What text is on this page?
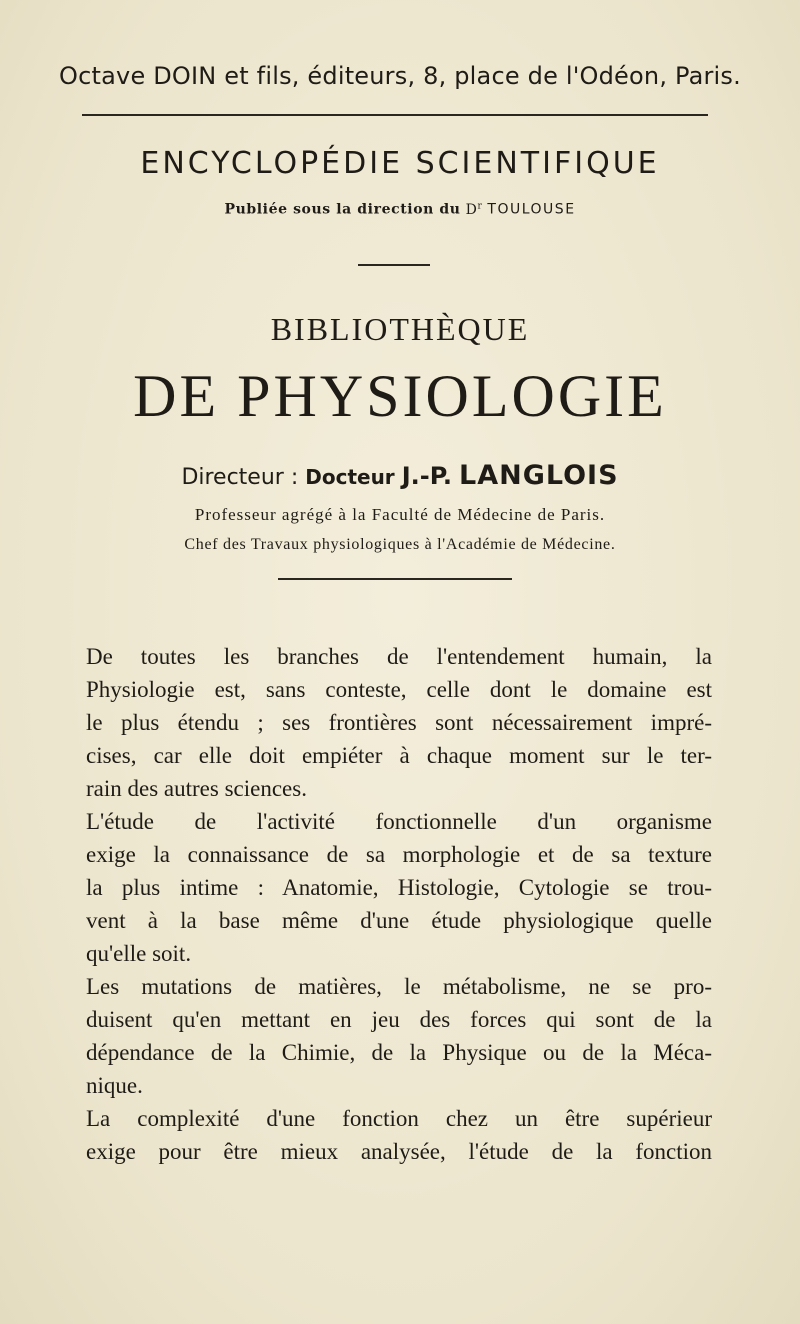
Octave DOIN et fils, éditeurs, 8, place de l'Odéon, Paris.
ENCYCLOPÉDIE SCIENTIFIQUE
Publiée sous la direction du $D^r$ TOULOUSE
BIBLIOTHÈQUE
DE PHYSIOLOGIE
Directeur : Docteur J.-P. LANGLOIS
Professeur agrégé à la Faculté de Médecine de Paris.
Chef des Travaux physiologiques à l'Académie de Médecine.
De toutes les branches de l'entendement humain, la
Physiologie est, sans conteste, celle dont le domaine est
le plus étendu ; ses frontières sont nécessairement impré-
cises, car elle doit empiéter à chaque moment sur le ter-
rain des autres sciences.
L'étude de l'activité fonctionnelle d'un organisme
exige la connaissance de sa morphologie et de sa texture
la plus intime : Anatomie, Histologie, Cytologie se trou-
vent à la base même d'une étude physiologique quelle
qu'elle soit.
Les mutations de matières, le métabolisme, ne se pro-
duisent qu'en mettant en jeu des forces qui sont de la
dépendance de la Chimie, de la Physique ou de la Méca-
nique.
La complexité d'une fonction chez un être supérieur
exige pour être mieux analysée, l'étude de la fonction
